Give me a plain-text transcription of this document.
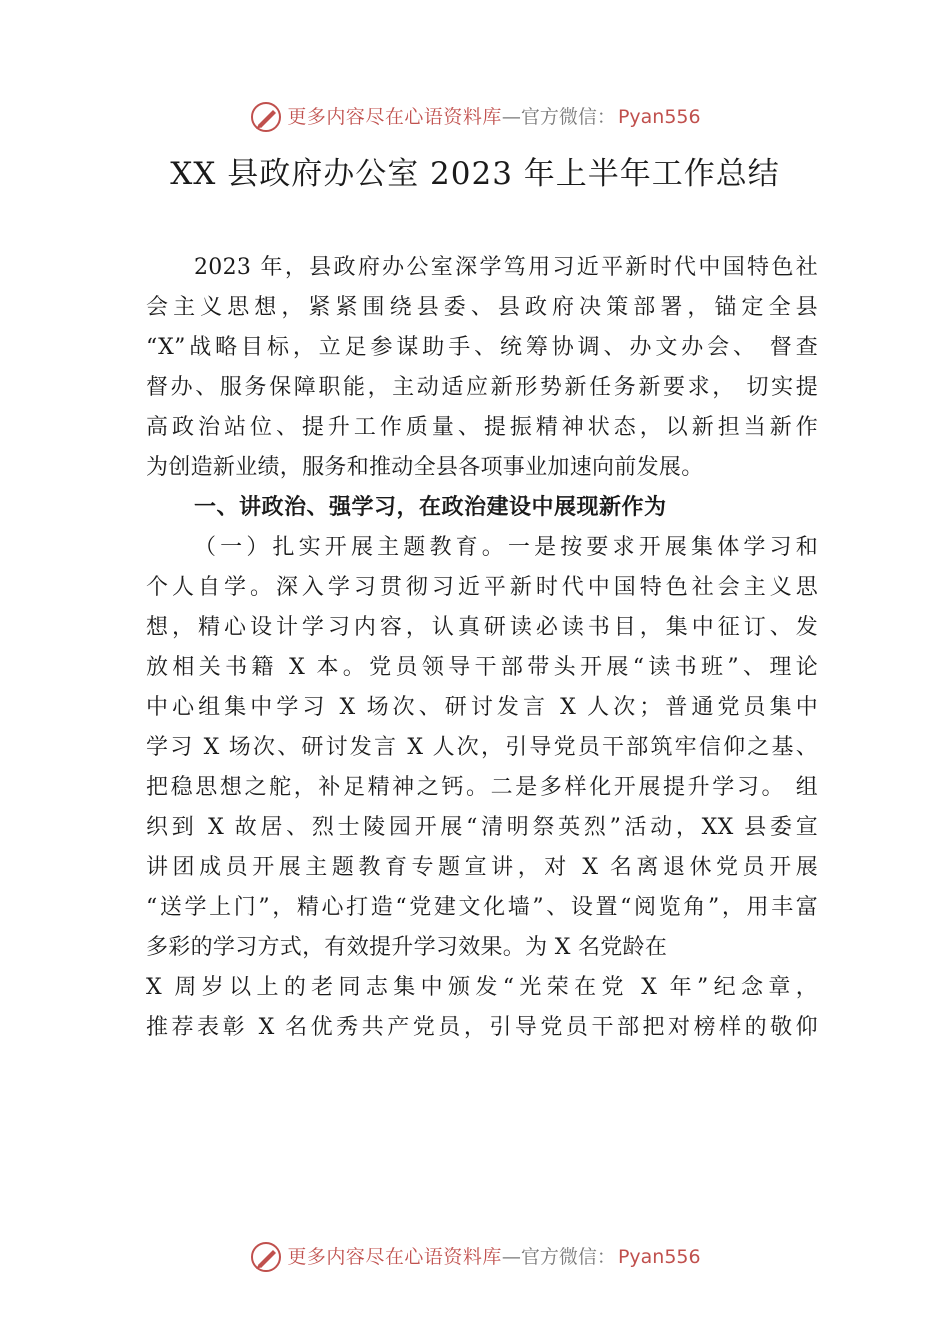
更多内容尽在心语资料库 — 官方微信： Pyan556
XX 县政府办公室 2023 年上半年工作总结
2023 年，县政府办公室深学笃用习近平新时代中国特色社
会主义思想，紧紧围绕县委、县政府决策部署，锚定全县
“X”战略目标，立足参谋助手、统筹协调、办文办会、 督查
督办、服务保障职能，主动适应新形势新任务新要求， 切实提
高政治站位、提升工作质量、提振精神状态，以新担当新作
为创造新业绩，服务和推动全县各项事业加速向前发展。
一、讲政治、强学习，在政治建设中展现新作为
（一）扎实开展主题教育。一是按要求开展集体学习和
个人自学。深入学习贯彻习近平新时代中国特色社会主义思
想，精心设计学习内容，认真研读必读书目，集中征订、发
放相关书籍 X 本。党员领导干部带头开展“读书班”、理论
中心组集中学习 X 场次、研讨发言 X 人次；普通党员集中
学习 X 场次、研讨发言 X 人次，引导党员干部筑牢信仰之基、
把稳思想之舵，补足精神之钙。二是多样化开展提升学习。 组
织到 X 故居、烈士陵园开展“清明祭英烈”活动，XX 县委宣
讲团成员开展主题教育专题宣讲，对 X 名离退休党员开展
“送学上门”，精心打造“党建文化墙”、设置“阅览角”，用丰富
多彩的学习方式，有效提升学习效果。为 X 名党龄在
X 周岁以上的老同志集中颁发“光荣在党 X 年”纪念章，
推荐表彰 X 名优秀共产党员，引导党员干部把对榜样的敬仰
更多内容尽在心语资料库 — 官方微信： Pyan556
